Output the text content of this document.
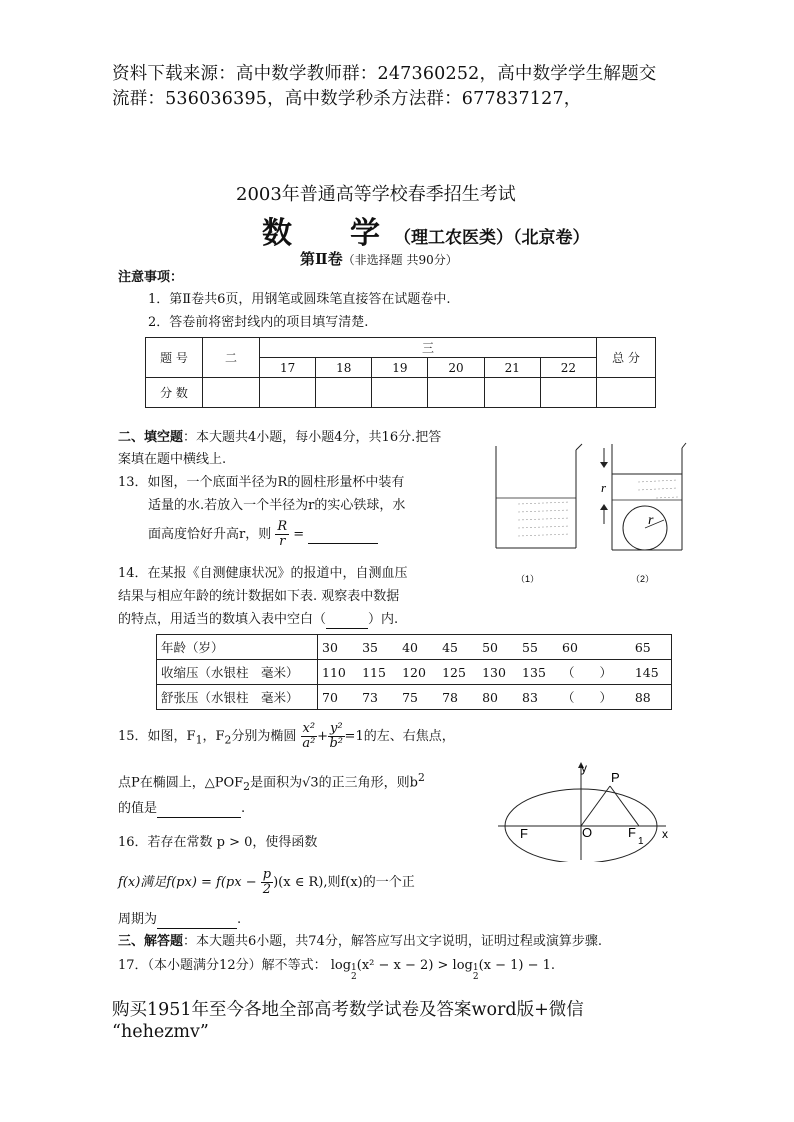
资料下载来源：高中数学教师群：247360252，高中数学学生解题交
流群：536036395，高中数学秒杀方法群：677837127，
2003年普通高等学校春季招生考试
数　学（理工农医类）（北京卷）
第Ⅱ卷（非选择题 共90分）
注意事项：
1．第Ⅱ卷共6页，用钢笔或圆珠笔直接答在试题卷中.
2．答卷前将密封线内的项目填写清楚.
题 号	二	三						总 分
		17	18	19	20	21	22	
分 数								
二、填空题：本大题共4小题，每小题4分，共16分.把答
案填在题中横线上.
13．如图，一个底面半径为R的圆柱形量杯中装有
适量的水.若放入一个半径为r的实心铁球，水
面高度恰好升高r，则 $\frac{R}{r}$ =
（1）
r
r
（2）
14．在某报《自测健康状况》的报道中，自测血压
结果与相应年龄的统计数据如下表. 观察表中数据
的特点，用适当的数填入表中空白（	）内.
年龄（岁）	30	35	40	45	50	55	60	65
收缩压（水银柱　毫米）	110	115	120	125	130	135	（　　）	145
舒张压（水银柱　毫米）	70	73	75	78	80	83	（　　）	88
15．如图，$F_1$，$F_2$分别为椭圆 $\frac{\text{x²}}{\text{a²}} + \frac{\text{y²}}{\text{b²}} =1$的左、右焦点，
点P在椭圆上，$\triangle POF_2$是面积为√3的正三角形，则$b^2$
的值是	.
y
P
F	O	F
1
x
16．若存在常数 p > 0，使得函数
f(x)满足$f(px) = f(px - \frac{p}{2} )(x$ ∈ R),则f(x)的一个正
周期为	.
三、解答题：本大题共6小题，共74分，解答应写出文字说明，证明过程或演算步骤.
17．（本小题满分12分）解不等式： log 1
2
(x² − x − 2) > log 1
2
(x − 1) − 1.
购买1951年至今各地全部高考数学试卷及答案word版+微信
“hehezmv”
